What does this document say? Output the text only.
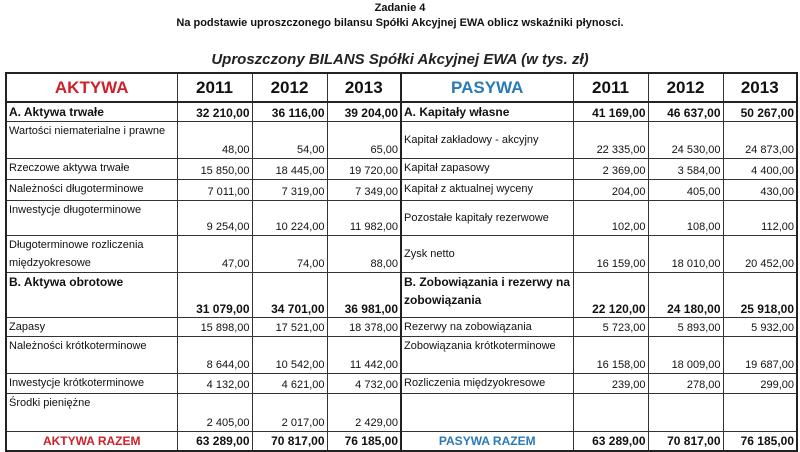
Zadanie 4
Na podstawie uproszczonego bilansu Spółki Akcyjnej EWA oblicz wskaźniki płynosci.
Uproszczony BILANS Spółki Akcyjnej EWA (w tys. zł)
AKTYWA	2011	2012	2013	PASYWA	2011	2012	2013
A. Aktywa trwałe	32 210,00	36 116,00	39 204,00	A. Kapitały własne	41 169,00	46 637,00	50 267,00
Wartości niematerialne i prawne	48,00	54,00	65,00	Kapitał zakładowy - akcyjny	22 335,00	24 530,00	24 873,00
Rzeczowe aktywa trwałe	15 850,00	18 445,00	19 720,00	Kapitał zapasowy	2 369,00	3 584,00	4 400,00
Należności długoterminowe	7 011,00	7 319,00	7 349,00	Kapitał z aktualnej wyceny	204,00	405,00	430,00
Inwestycje długoterminowe	9 254,00	10 224,00	11 982,00	Pozostałe kapitały rezerwowe	102,00	108,00	112,00
Długoterminowe rozliczenia międzyokresowe	47,00	74,00	88,00	Zysk netto	16 159,00	18 010,00	20 452,00
B. Aktywa obrotowe	31 079,00	34 701,00	36 981,00	B. Zobowiązania i rezerwy na zobowiązania	22 120,00	24 180,00	25 918,00
Zapasy	15 898,00	17 521,00	18 378,00	Rezerwy na zobowiązania	5 723,00	5 893,00	5 932,00
Należności krótkoterminowe	8 644,00	10 542,00	11 442,00	Zobowiązania krótkoterminowe	16 158,00	18 009,00	19 687,00
Inwestycje krótkoterminowe	4 132,00	4 621,00	4 732,00	Rozliczenia międzyokresowe	239,00	278,00	299,00
Środki pieniężne	2 405,00	2 017,00	2 429,00				
AKTYWA RAZEM	63 289,00	70 817,00	76 185,00	PASYWA RAZEM	63 289,00	70 817,00	76 185,00
